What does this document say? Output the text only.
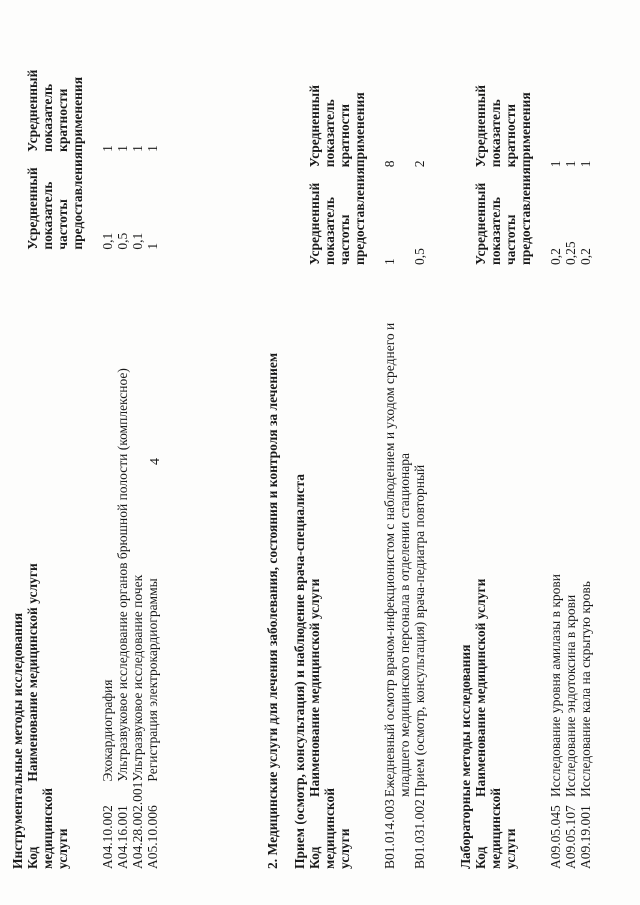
4
Инструментальные методы исследования Код медицинской услуги	Наименование медицинской услуги	Усредненный показатель частоты предоставления	Усредненный показатель кратности применения

A04.10.002	Эхокардиография	0,1	1
A04.16.001	Ультразвуковое исследование органов брюшной полости (комплексное)	0,5	1
A04.28.002.001	Ультразвуковое исследование почек	0,1	1
A05.10.006	Регистрация электрокардиограммы	1	1
2. Медицинские услуги для лечения заболевания, состояния и контроля за лечением Прием (осмотр, консультация) и наблюдение врача-специалиста Код медицинской услуги	Наименование медицинской услуги	Усредненный показатель частоты предоставления	Усредненный показатель кратности применения

B01.014.003	Ежедневный осмотр врачом-инфекционистом с наблюдением и уходом среднего и младшего медицинского персонала в отделении стационара	1	8
B01.031.002	Прием (осмотр, консультация) врача-педиатра повторный	0,5	2
Лабораторные методы исследования Код медицинской услуги	Наименование медицинской услуги	Усредненный показатель частоты предоставления	Усредненный показатель кратности применения

A09.05.045	Исследование уровня амилазы в крови	0,2	1
A09.05.107	Исследование эндотоксина в крови	0,25	1
A09.19.001	Исследование кала на скрытую кровь	0,2	1
